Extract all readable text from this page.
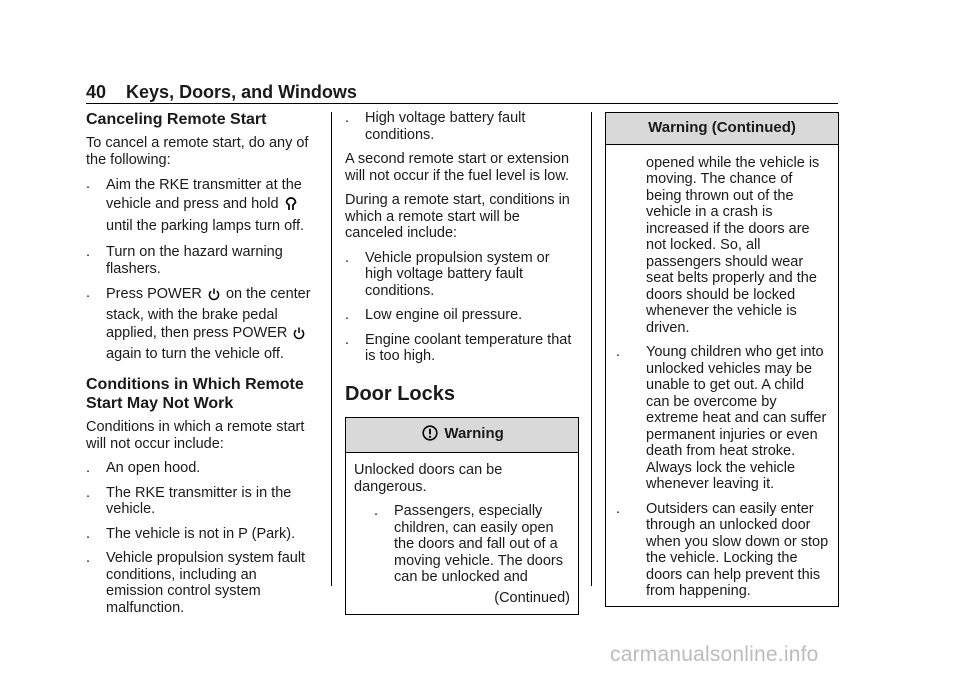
40 Keys, Doors, and Windows
Canceling Remote Start

To cancel a remote start, do any of the following:

.	Aim the RKE transmitter at the vehicle and press and hold  until the parking lamps turn off.
.	Turn on the hazard warning flashers.
.	Press POWER on the center stack, with the brake pedal applied, then press POWER  again to turn the vehicle off.
Conditions in Which Remote Start May Not Work

Conditions in which a remote start will not occur include:

.	An open hood.
.	The RKE transmitter is in the vehicle.
.	The vehicle is not in P (Park).
.	Vehicle propulsion system fault conditions, including an emission control system malfunction.
.	High voltage battery fault conditions.

A second remote start or extension will not occur if the fuel level is low.

During a remote start, conditions in which a remote start will be canceled include:

.	Vehicle propulsion system or high voltage battery fault conditions.
.	Low engine oil pressure.
.	Engine coolant temperature that is too high.
Door Locks
Warning

Unlocked doors can be dangerous.

.	Passengers, especially children, can easily open the doors and fall out of a moving vehicle. The doors can be unlocked and

(Continued)

Warning (Continued)

opened while the vehicle is moving. The chance of being thrown out of the vehicle in a crash is increased if the doors are not locked. So, all passengers should wear seat belts properly and the doors should be locked whenever the vehicle is driven.

.	Young children who get into unlocked vehicles may be unable to get out. A child can be overcome by extreme heat and can suffer permanent injuries or even death from heat stroke. Always lock the vehicle whenever leaving it.
.	Outsiders can easily enter through an unlocked door when you slow down or stop the vehicle. Locking the doors can help prevent this from happening.
carmanualsonline.info
